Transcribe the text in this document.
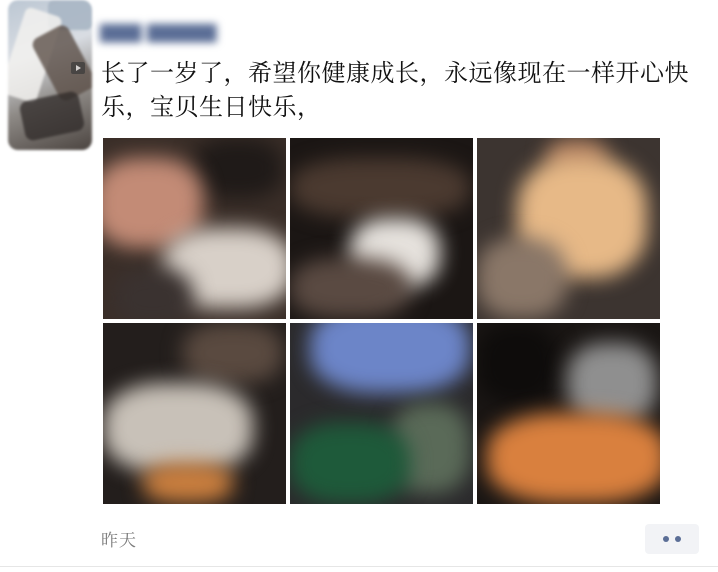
▇▇▇ ▇▇▇▇▇
长了一岁了，希望你健康成长，永远像现在一样开心快乐，宝贝生日快乐，
昨天
